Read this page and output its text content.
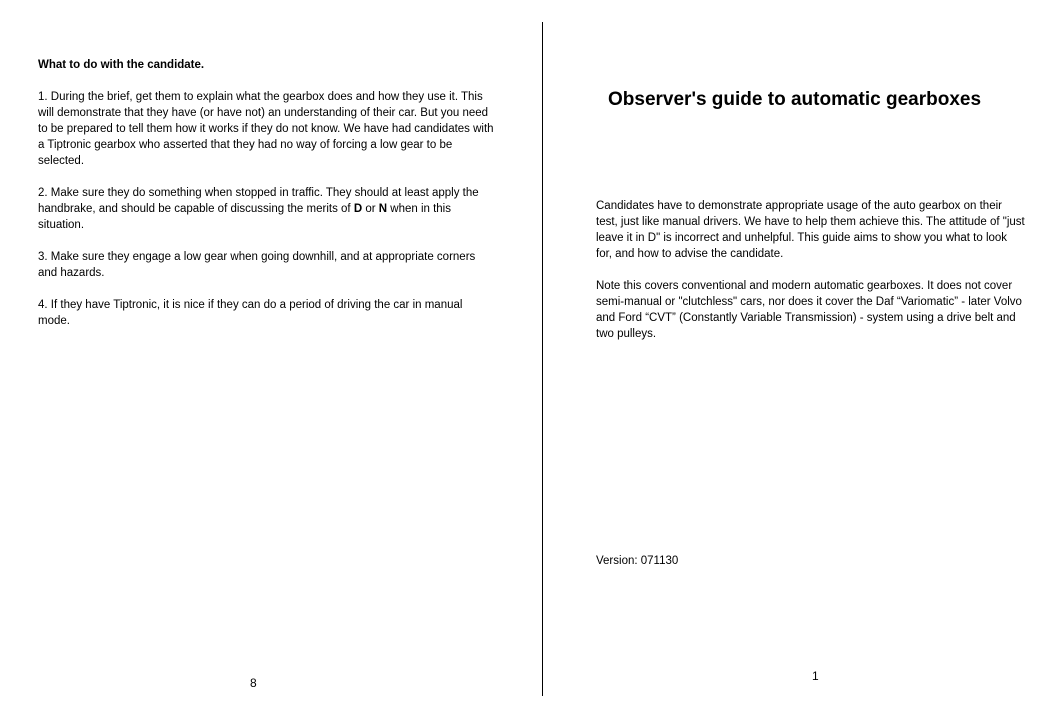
What to do with the candidate.

1. During the brief, get them to explain what the gearbox does and how they use it. This will demonstrate that they have (or have not) an understanding of their car. But you need to be prepared to tell them how it works if they do not know. We have had candidates with a Tiptronic gearbox who asserted that they had no way of forcing a low gear to be selected.

2. Make sure they do something when stopped in traffic. They should at least apply the handbrake, and should be capable of discussing the merits of D or N when in this situation.

3. Make sure they engage a low gear when going downhill, and at appropriate corners and hazards.

4. If they have Tiptronic, it is nice if they can do a period of driving the car in manual mode.

8
Observer's guide to automatic gearboxes

Candidates have to demonstrate appropriate usage of the auto gearbox on their test, just like manual drivers. We have to help them achieve this. The attitude of "just leave it in D" is incorrect and unhelpful. This guide aims to show you what to look for, and how to advise the candidate.

Note this covers conventional and modern automatic gearboxes. It does not cover semi-manual or "clutchless" cars, nor does it cover the Daf “Variomatic” - later Volvo and Ford “CVT” (Constantly Variable Transmission) - system using a drive belt and two pulleys.

Version: 071130
1
